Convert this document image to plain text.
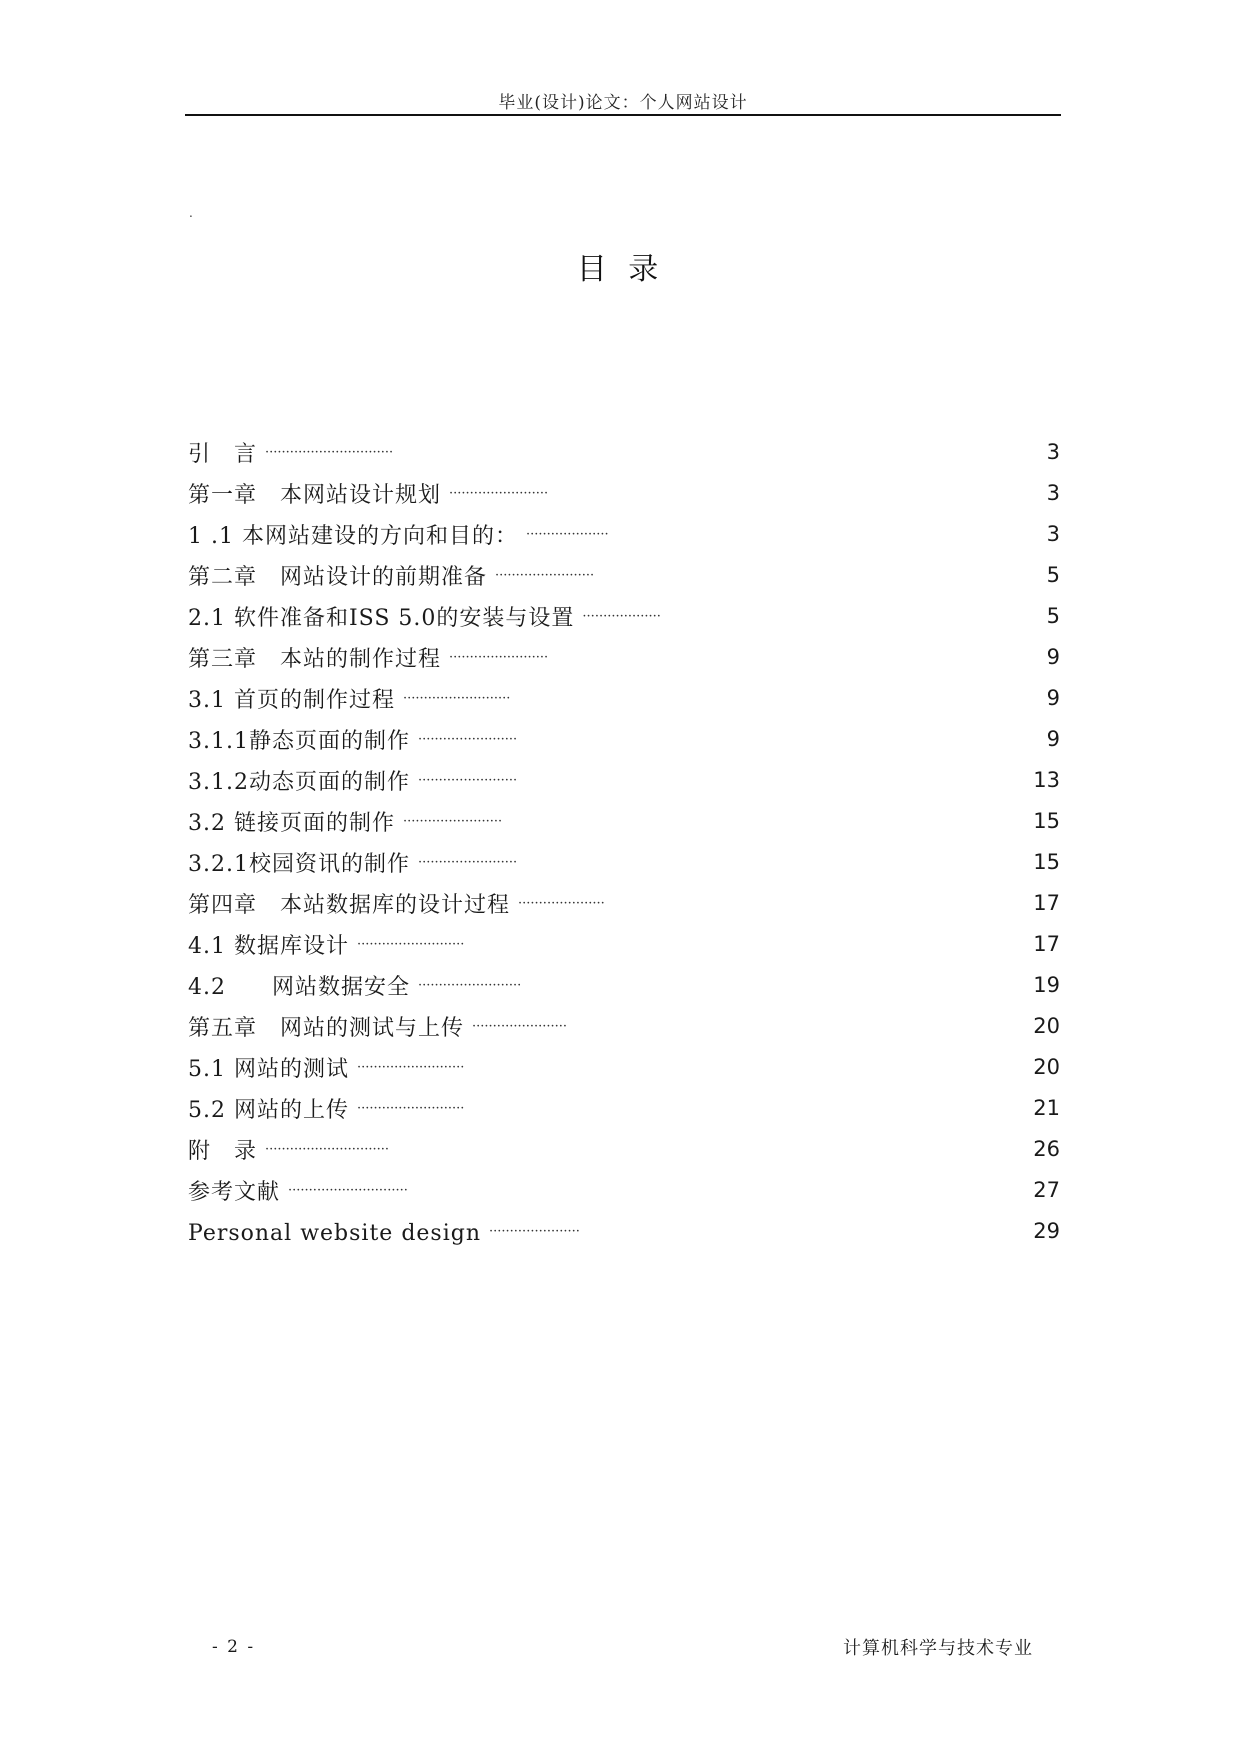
毕业(设计)论文：个人网站设计
.
目 录
引　言 ·······························	3
第一章　本网站设计规划 ························	3
1 .1 本网站建设的方向和目的： ····················	3
第二章　网站设计的前期准备 ························	5
2.1 软件准备和ISS 5.0的安装与设置 ···················	5
第三章　本站的制作过程 ························	9
3.1 首页的制作过程 ··························	9
3.1.1静态页面的制作 ························	9
3.1.2动态页面的制作 ························	13
3.2 链接页面的制作 ························	15
3.2.1校园资讯的制作 ························	15
第四章　本站数据库的设计过程 ·····················	17
4.1 数据库设计 ··························	17
4.2　　网站数据安全 ·························	19
第五章　网站的测试与上传 ·······················	20
5.1 网站的测试 ··························	20
5.2 网站的上传 ··························	21
附　录 ······························	26
参考文献 ·····························	27
Personal website design ······················	29
- 2 -	计算机科学与技术专业
